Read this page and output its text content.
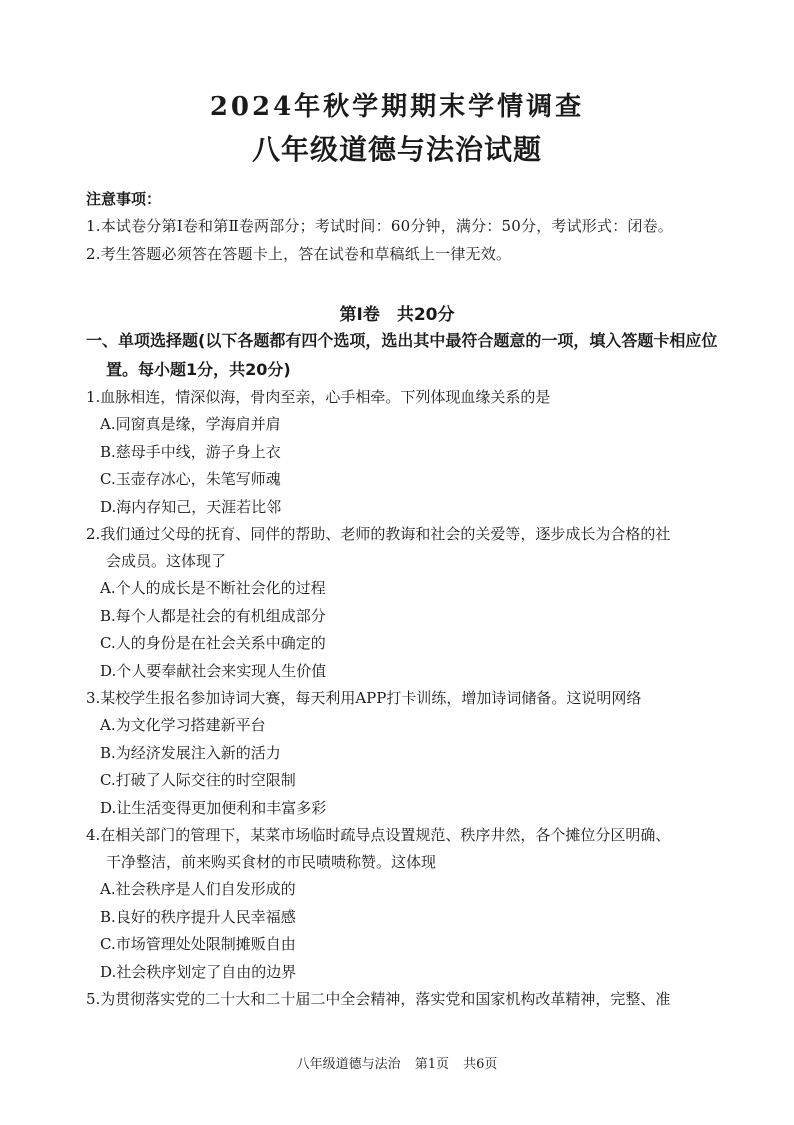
2024年秋学期期末学情调查
八年级道德与法治试题
注意事项：
1.本试卷分第Ⅰ卷和第Ⅱ卷两部分；考试时间：60分钟，满分：50分，考试形式：闭卷。
2.考生答题必须答在答题卡上，答在试卷和草稿纸上一律无效。
第Ⅰ卷　共20分
一、单项选择题(以下各题都有四个选项，选出其中最符合题意的一项，填入答题卡相应位
置。每小题1分，共20分)
1.血脉相连，情深似海，骨肉至亲，心手相牵。下列体现血缘关系的是
A.同窗真是缘，学海肩并肩
B.慈母手中线，游子身上衣
C.玉壶存冰心，朱笔写师魂
D.海内存知己，天涯若比邻
2.我们通过父母的抚育、同伴的帮助、老师的教诲和社会的关爱等，逐步成长为合格的社
会成员。这体现了
A.个人的成长是不断社会化的过程
B.每个人都是社会的有机组成部分
C.人的身份是在社会关系中确定的
D.个人要奉献社会来实现人生价值
3.某校学生报名参加诗词大赛，每天利用APP打卡训练，增加诗词储备。这说明网络
A.为文化学习搭建新平台
B.为经济发展注入新的活力
C.打破了人际交往的时空限制
D.让生活变得更加便利和丰富多彩
4.在相关部门的管理下，某菜市场临时疏导点设置规范、秩序井然，各个摊位分区明确、
干净整洁，前来购买食材的市民啧啧称赞。这体现
A.社会秩序是人们自发形成的
B.良好的秩序提升人民幸福感
C.市场管理处处限制摊贩自由
D.社会秩序划定了自由的边界
5.为贯彻落实党的二十大和二十届二中全会精神，落实党和国家机构改革精神，完整、准
八年级道德与法治 第1页 共6页
